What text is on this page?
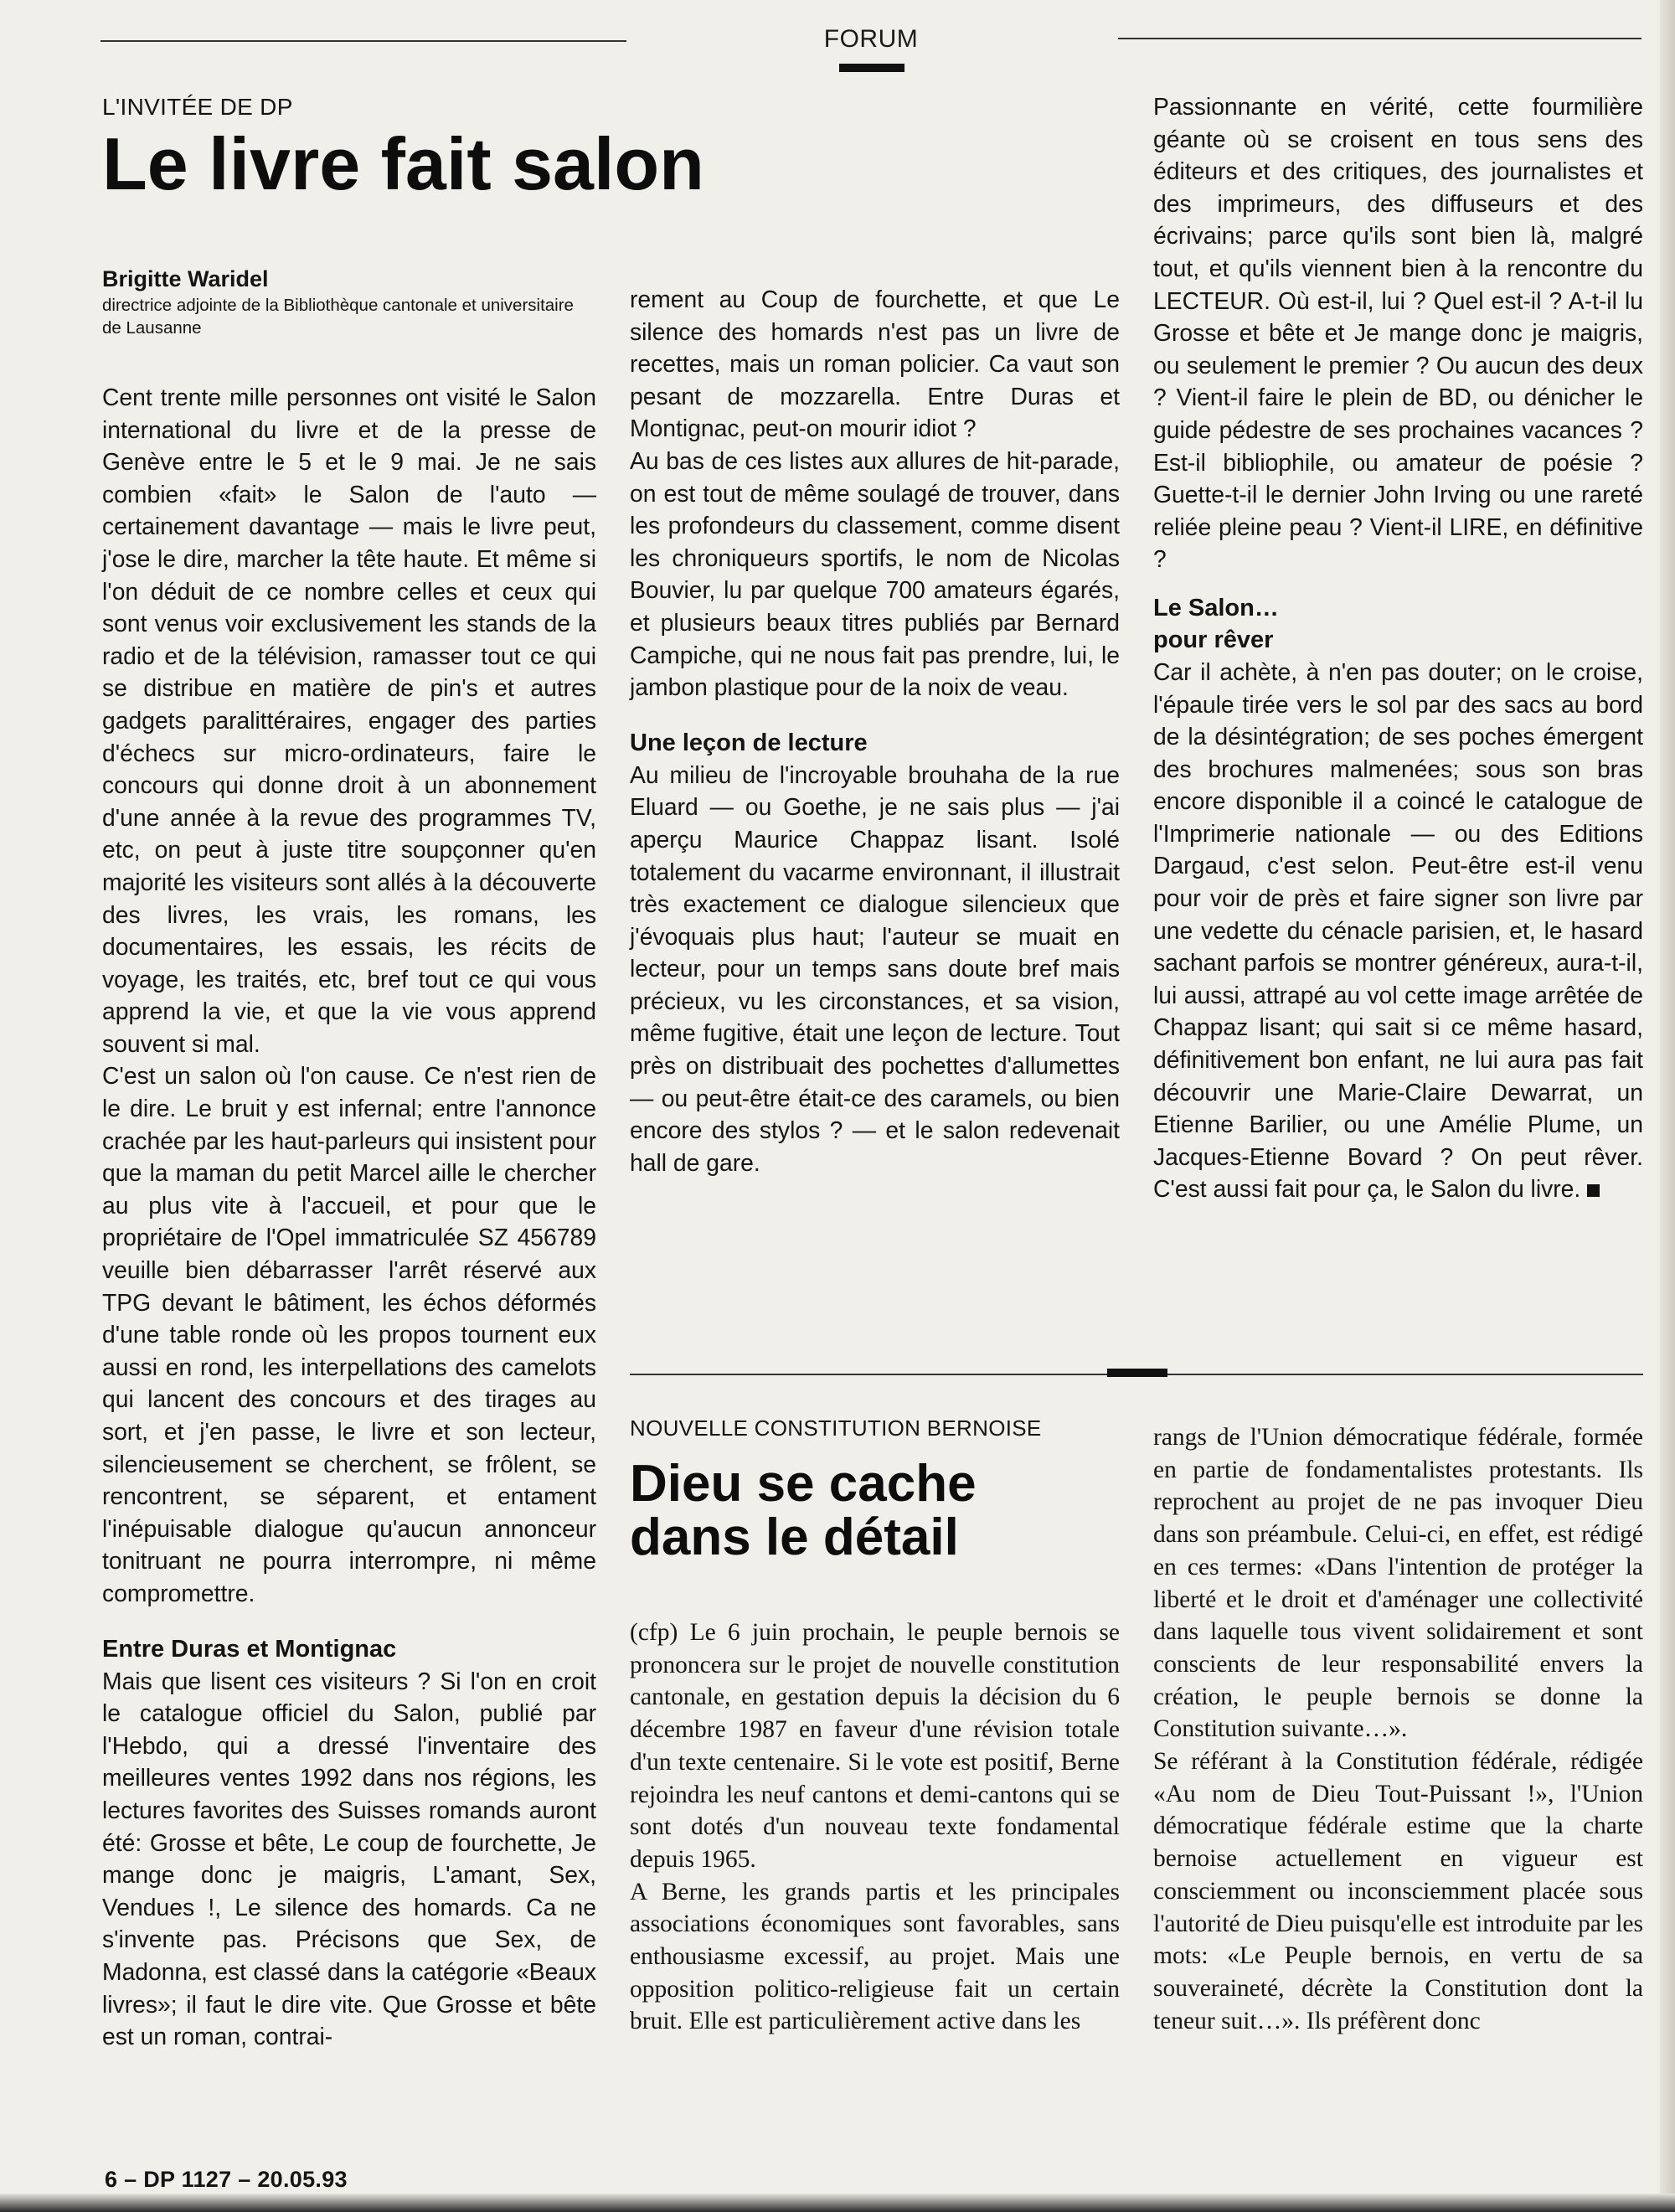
FORUM

L'INVITÉE DE DP

Le livre fait salon

Brigitte Waridel

directrice adjointe de la Bibliothèque cantonale et universitaire de Lausanne

Cent trente mille personnes ont visité le Salon international du livre et de la presse de Genève entre le 5 et le 9 mai. Je ne sais combien «fait» le Salon de l'auto — certainement davantage — mais le livre peut, j'ose le dire, marcher la tête haute. Et même si l'on déduit de ce nombre celles et ceux qui sont venus voir exclusivement les stands de la radio et de la télévision, ramasser tout ce qui se distribue en matière de pin's et autres gadgets paralittéraires, engager des parties d'échecs sur micro-ordinateurs, faire le concours qui donne droit à un abonnement d'une année à la revue des programmes TV, etc, on peut à juste titre soupçonner qu'en majorité les visiteurs sont allés à la découverte des livres, les vrais, les romans, les documentaires, les essais, les récits de voyage, les traités, etc, bref tout ce qui vous apprend la vie, et que la vie vous apprend souvent si mal.

C'est un salon où l'on cause. Ce n'est rien de le dire. Le bruit y est infernal; entre l'annonce crachée par les haut-parleurs qui insistent pour que la maman du petit Marcel aille le chercher au plus vite à l'accueil, et pour que le propriétaire de l'Opel immatriculée SZ 456789 veuille bien débarrasser l'arrêt réservé aux TPG devant le bâtiment, les échos déformés d'une table ronde où les propos tournent eux aussi en rond, les interpellations des camelots qui lancent des concours et des tirages au sort, et j'en passe, le livre et son lecteur, silencieusement se cherchent, se frôlent, se rencontrent, se séparent, et entament l'inépuisable dialogue qu'aucun annonceur tonitruant ne pourra interrompre, ni même compromettre.

Entre Duras et Montignac

Mais que lisent ces visiteurs ? Si l'on en croit le catalogue officiel du Salon, publié par l'Hebdo, qui a dressé l'inventaire des meilleures ventes 1992 dans nos régions, les lectures favorites des Suisses romands auront été: Grosse et bête, Le coup de fourchette, Je mange donc je maigris, L'amant, Sex, Vendues !, Le silence des homards. Ca ne s'invente pas. Précisons que Sex, de Madonna, est classé dans la catégorie «Beaux livres»; il faut le dire vite. Que Grosse et bête est un roman, contrai-

rement au Coup de fourchette, et que Le silence des homards n'est pas un livre de recettes, mais un roman policier. Ca vaut son pesant de mozzarella. Entre Duras et Montignac, peut-on mourir idiot ?

Au bas de ces listes aux allures de hit-parade, on est tout de même soulagé de trouver, dans les profondeurs du classement, comme disent les chroniqueurs sportifs, le nom de Nicolas Bouvier, lu par quelque 700 amateurs égarés, et plusieurs beaux titres publiés par Bernard Campiche, qui ne nous fait pas prendre, lui, le jambon plastique pour de la noix de veau.

Une leçon de lecture

Au milieu de l'incroyable brouhaha de la rue Eluard — ou Goethe, je ne sais plus — j'ai aperçu Maurice Chappaz lisant. Isolé totalement du vacarme environnant, il illustrait très exactement ce dialogue silencieux que j'évoquais plus haut; l'auteur se muait en lecteur, pour un temps sans doute bref mais précieux, vu les circonstances, et sa vision, même fugitive, était une leçon de lecture. Tout près on distribuait des pochettes d'allumettes — ou peut-être était-ce des caramels, ou bien encore des stylos ? — et le salon redevenait hall de gare.

Passionnante en vérité, cette fourmilière géante où se croisent en tous sens des éditeurs et des critiques, des journalistes et des imprimeurs, des diffuseurs et des écrivains; parce qu'ils sont bien là, malgré tout, et qu'ils viennent bien à la rencontre du LECTEUR. Où est-il, lui ? Quel est-il ? A-t-il lu Grosse et bête et Je mange donc je maigris, ou seulement le premier ? Ou aucun des deux ? Vient-il faire le plein de BD, ou dénicher le guide pédestre de ses prochaines vacances ? Est-il bibliophile, ou amateur de poésie ? Guette-t-il le dernier John Irving ou une rareté reliée pleine peau ? Vient-il LIRE, en définitive ?

Le Salon…

pour rêver

Car il achète, à n'en pas douter; on le croise, l'épaule tirée vers le sol par des sacs au bord de la désintégration; de ses poches émergent des brochures malmenées; sous son bras encore disponible il a coincé le catalogue de l'Imprimerie nationale — ou des Editions Dargaud, c'est selon. Peut-être est-il venu pour voir de près et faire signer son livre par une vedette du cénacle parisien, et, le hasard sachant parfois se montrer généreux, aura-t-il, lui aussi, attrapé au vol cette image arrêtée de Chappaz lisant; qui sait si ce même hasard, définitivement bon enfant, ne lui aura pas fait découvrir une Marie-Claire Dewarrat, un Etienne Barilier, ou une Amélie Plume, un Jacques-Etienne Bovard ? On peut rêver. C'est aussi fait pour ça, le Salon du livre.

NOUVELLE CONSTITUTION BERNOISE

Dieu se cache
dans le détail

(cfp) Le 6 juin prochain, le peuple bernois se prononcera sur le projet de nouvelle constitution cantonale, en gestation depuis la décision du 6 décembre 1987 en faveur d'une révision totale d'un texte centenaire. Si le vote est positif, Berne rejoindra les neuf cantons et demi-cantons qui se sont dotés d'un nouveau texte fondamental depuis 1965.

A Berne, les grands partis et les principales associations économiques sont favorables, sans enthousiasme excessif, au projet. Mais une opposition politico-religieuse fait un certain bruit. Elle est particulièrement active dans les

rangs de l'Union démocratique fédérale, formée en partie de fondamentalistes protestants. Ils reprochent au projet de ne pas invoquer Dieu dans son préambule. Celui-ci, en effet, est rédigé en ces termes: «Dans l'intention de protéger la liberté et le droit et d'aménager une collectivité dans laquelle tous vivent solidairement et sont conscients de leur responsabilité envers la création, le peuple bernois se donne la Constitution suivante…».

Se référant à la Constitution fédérale, rédigée «Au nom de Dieu Tout-Puissant !», l'Union démocratique fédérale estime que la charte bernoise actuellement en vigueur est consciemment ou inconsciemment placée sous l'autorité de Dieu puisqu'elle est introduite par les mots: «Le Peuple bernois, en vertu de sa souveraineté, décrète la Constitution dont la teneur suit…». Ils préfèrent donc

6 – DP 1127 – 20.05.93
